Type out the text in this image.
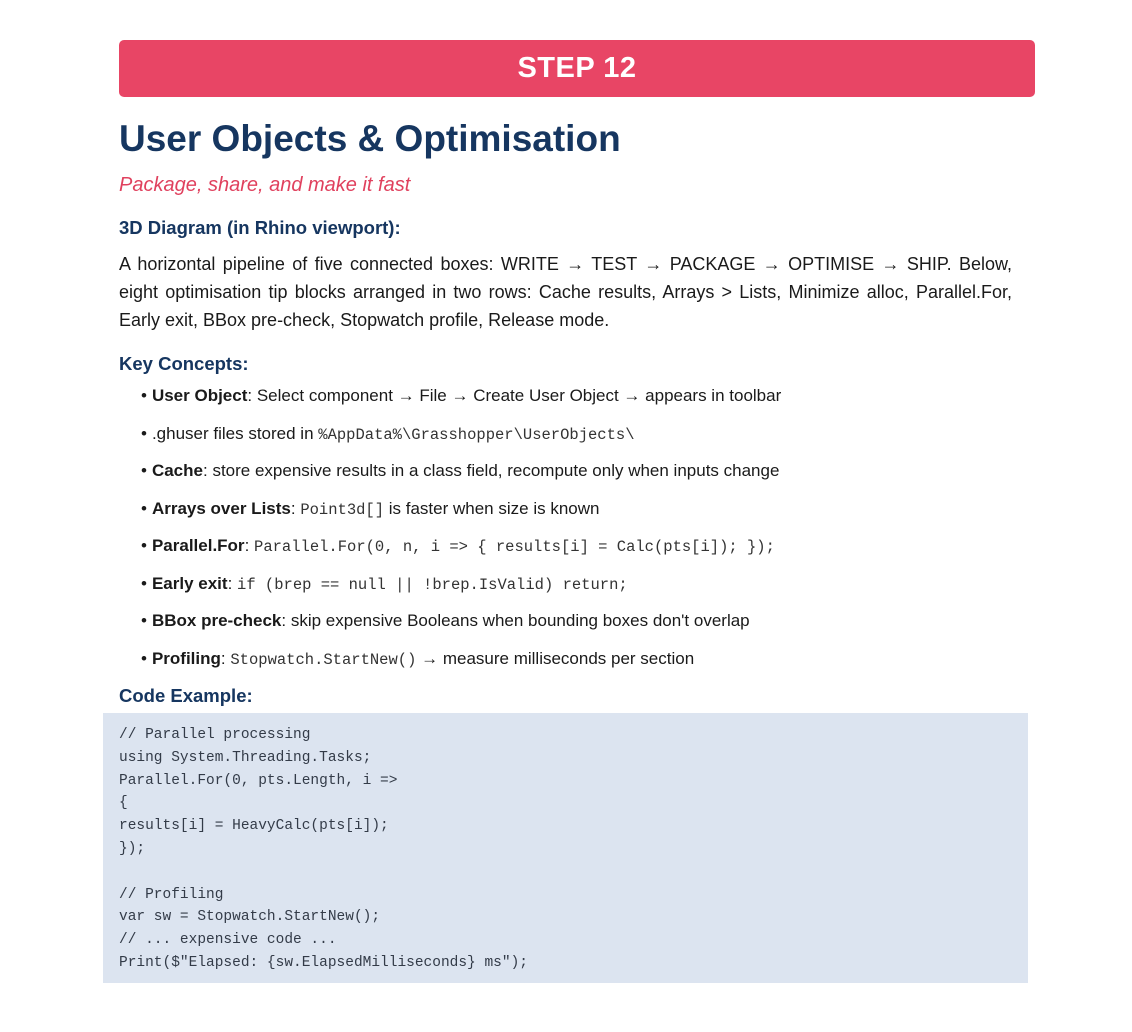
STEP 12
User Objects & Optimisation
Package, share, and make it fast
3D Diagram (in Rhino viewport):

A horizontal pipeline of five connected boxes: WRITE → TEST → PACKAGE → OPTIMISE → SHIP. Below, eight optimisation tip blocks arranged in two rows: Cache results, Arrays > Lists, Minimize alloc, Parallel.For, Early exit, BBox pre-check, Stopwatch profile, Release mode.

Key Concepts:
• User Object: Select component → File → Create User Object → appears in toolbar
• .ghuser files stored in %AppData%\Grasshopper\UserObjects\
• Cache: store expensive results in a class field, recompute only when inputs change
• Arrays over Lists: Point3d[] is faster when size is known
• Parallel.For: Parallel.For(0, n, i => { results[i] = Calc(pts[i]); });
• Early exit: if (brep == null || !brep.IsValid) return;
• BBox pre-check: skip expensive Booleans when bounding boxes don't overlap
• Profiling: Stopwatch.StartNew() → measure milliseconds per section
Code Example:
// Parallel processing
using System.Threading.Tasks;
Parallel.For(0, pts.Length, i =>
{
results[i] = HeavyCalc(pts[i]);
});
// Profiling
var sw = Stopwatch.StartNew();
// ... expensive code ...
Print($"Elapsed: {sw.ElapsedMilliseconds} ms");
